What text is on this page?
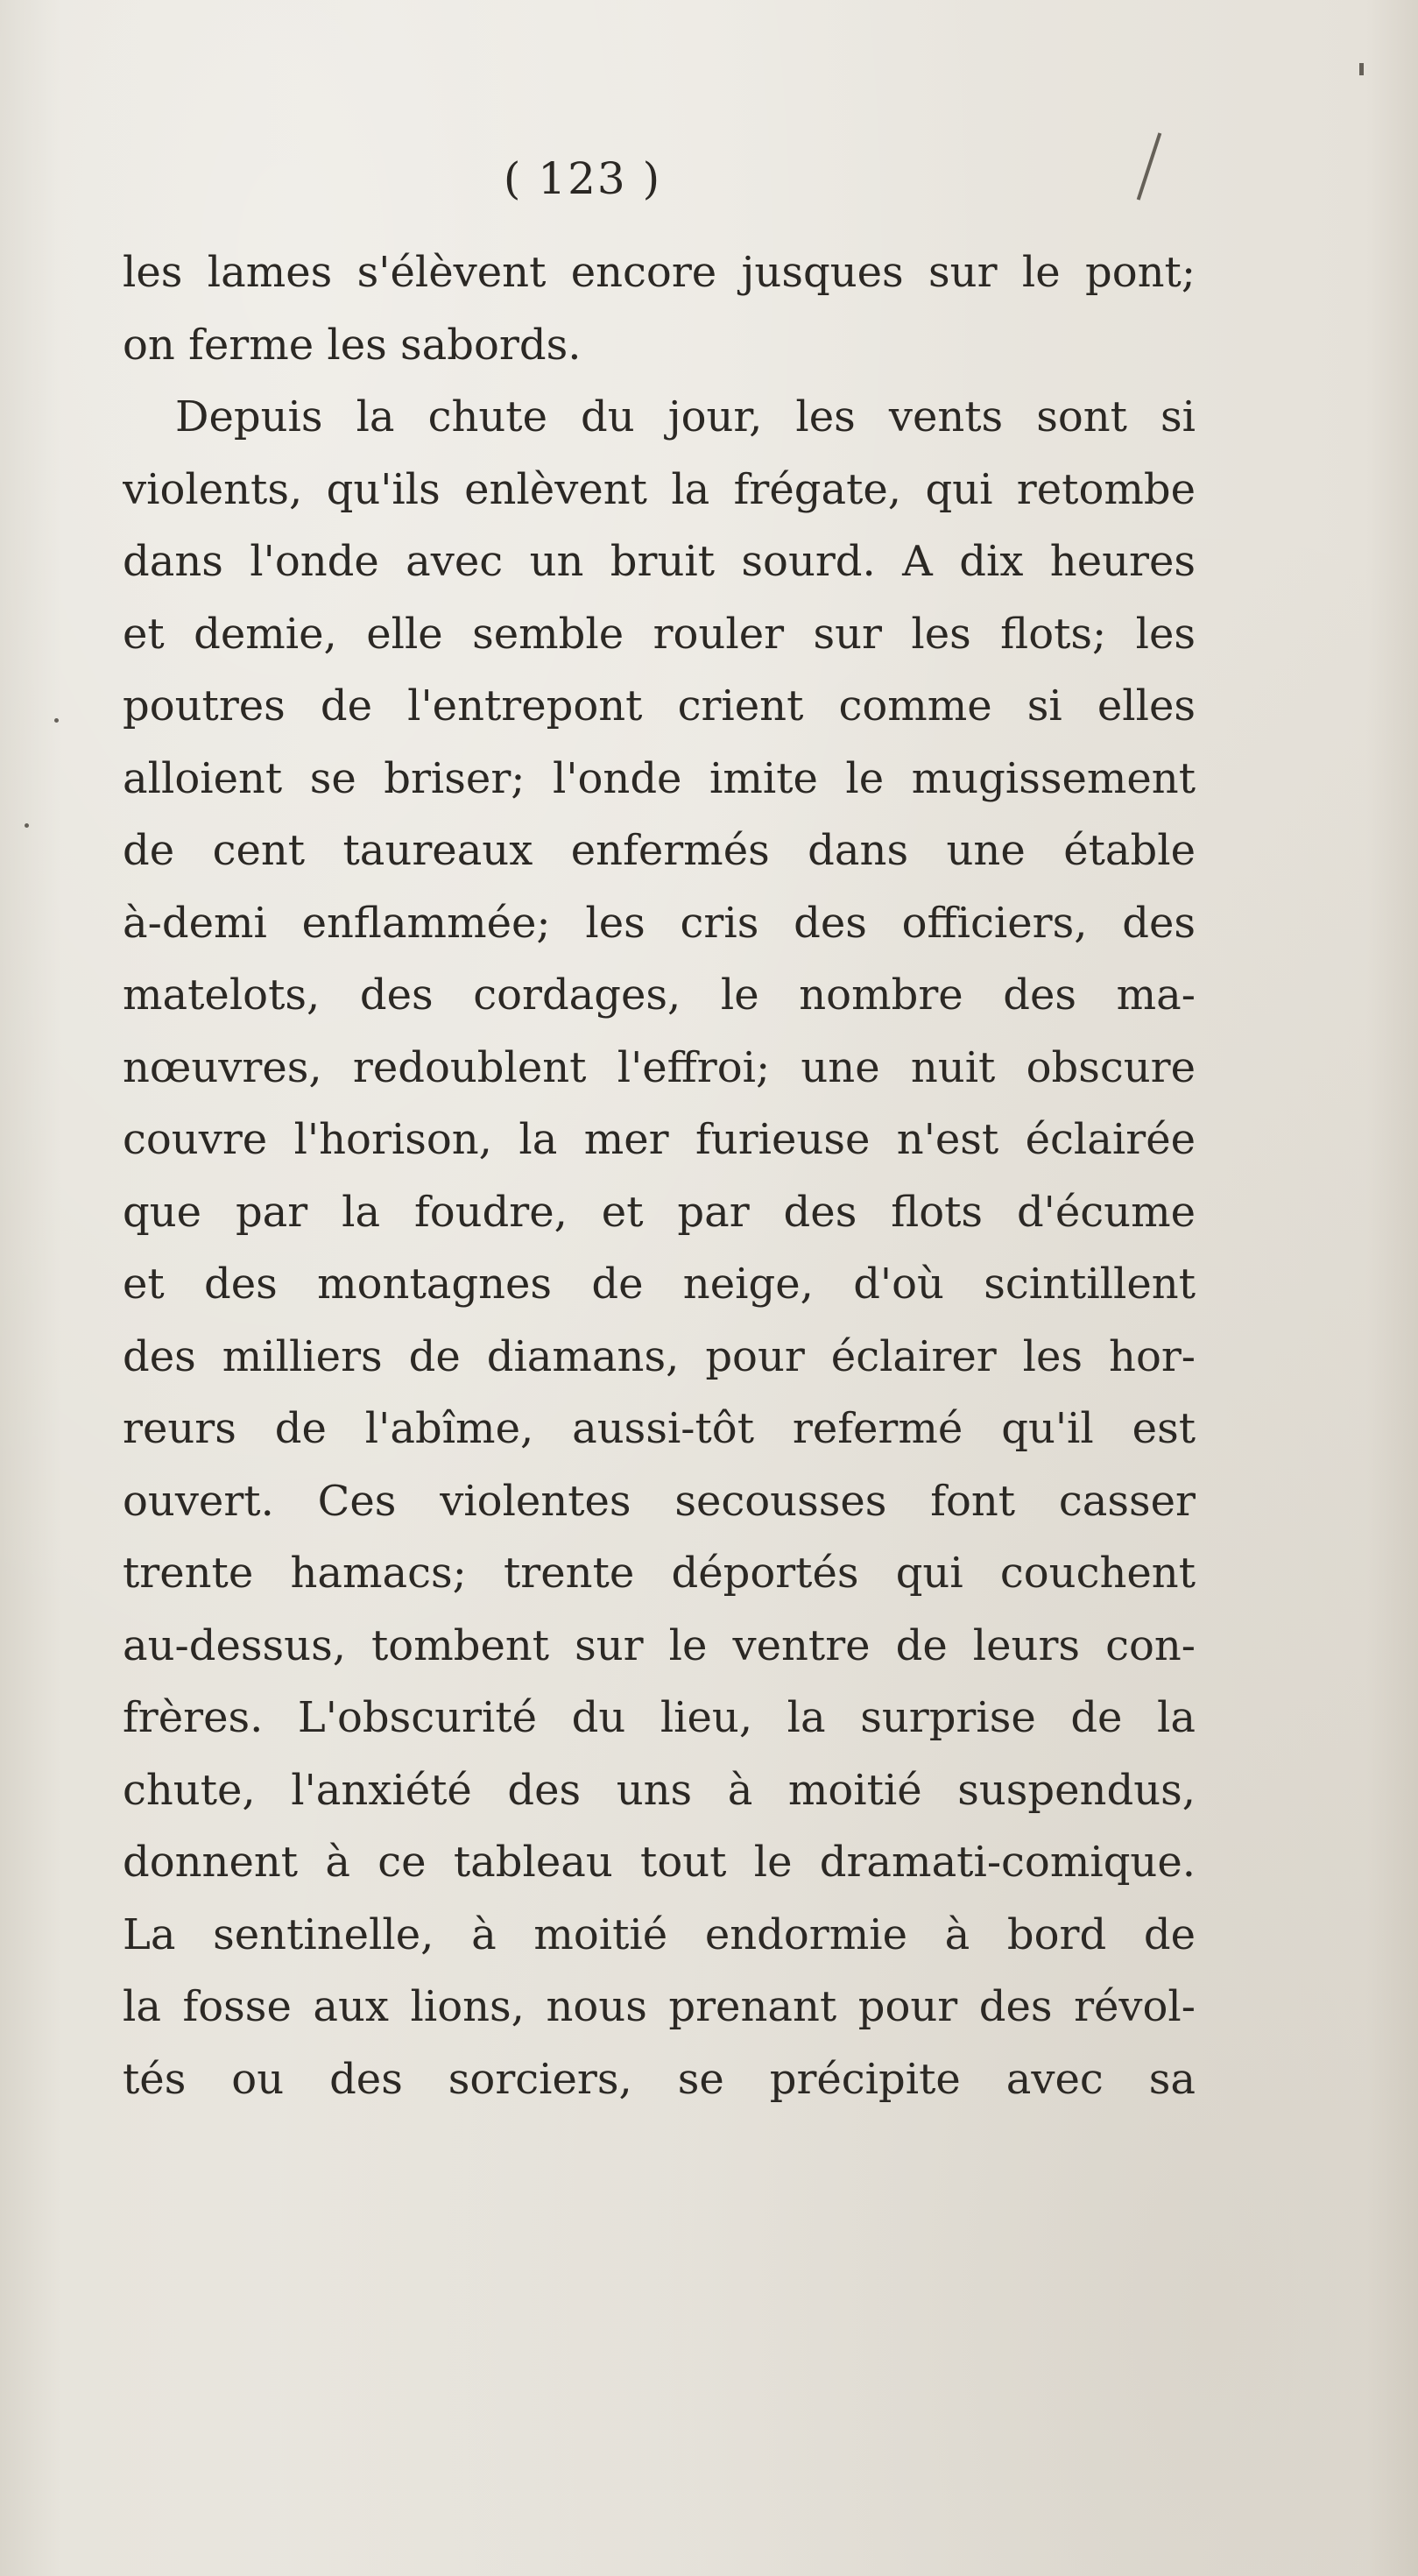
( 123 )
les lames s'élèvent encore jusques sur le pont;
on ferme les sabords.
Depuis la chute du jour, les vents sont si
violents, qu'ils enlèvent la frégate, qui retombe
dans l'onde avec un bruit sourd. A dix heures
et demie, elle semble rouler sur les flots; les
poutres de l'entrepont crient comme si elles
alloient se briser; l'onde imite le mugissement
de cent taureaux enfermés dans une étable
à-demi enflammée; les cris des officiers, des
matelots, des cordages, le nombre des ma-
nœuvres, redoublent l'effroi; une nuit obscure
couvre l'horison, la mer furieuse n'est éclairée
que par la foudre, et par des flots d'écume
et des montagnes de neige, d'où scintillent
des milliers de diamans, pour éclairer les hor-
reurs de l'abîme, aussi-tôt refermé qu'il est
ouvert. Ces violentes secousses font casser
trente hamacs; trente déportés qui couchent
au-dessus, tombent sur le ventre de leurs con-
frères. L'obscurité du lieu, la surprise de la
chute, l'anxiété des uns à moitié suspendus,
donnent à ce tableau tout le dramati-comique.
La sentinelle, à moitié endormie à bord de
la fosse aux lions, nous prenant pour des révol-
tés ou des sorciers, se précipite avec sa
